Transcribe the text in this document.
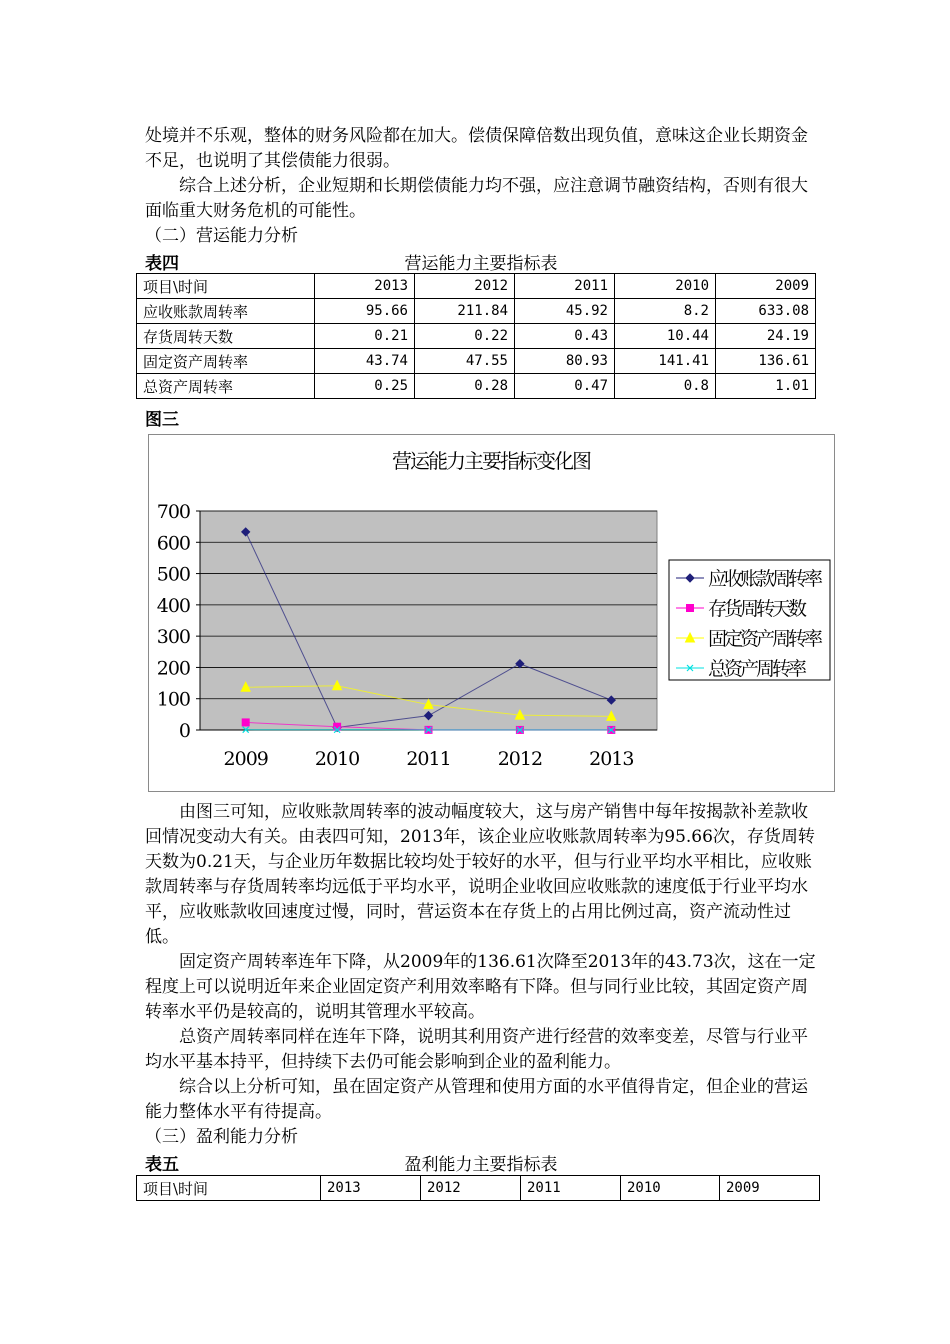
处境并不乐观，整体的财务风险都在加大。偿债保障倍数出现负值，意味这企业长期资金不足，也说明了其偿债能力很弱。

综合上述分析，企业短期和长期偿债能力均不强，应注意调节融资结构，否则有很大面临重大财务危机的可能性。

（二）营运能力分析
表四	营运能力主要指标表
项目\时间	2013	2012	2011	2010	2009
应收账款周转率	95.66	211.84	45.92	8.2	633.08
存货周转天数	0.21	0.22	0.43	10.44	24.19
固定资产周转率	43.74	47.55	80.93	141.41	136.61
总资产周转率	0.25	0.28	0.47	0.8	1.01
图三
营运能力主要指标变化图
0
100
200
300
400
500
600
700
2009 2010 2011 2012 2013
应收账款周转率
存货周转天数
固定资产周转率
总资产周转率

由图三可知，应收账款周转率的波动幅度较大，这与房产销售中每年按揭款补差款收回情况变动大有关。由表四可知，2013年，该企业应收账款周转率为95.66次，存货周转天数为0.21天，与企业历年数据比较均处于较好的水平，但与行业平均水平相比，应收账款周转率与存货周转率均远低于平均水平，说明企业收回应收账款的速度低于行业平均水平，应收账款收回速度过慢，同时，营运资本在存货上的占用比例过高，资产流动性过低。

固定资产周转率连年下降，从2009年的136.61次降至2013年的43.73次，这在一定程度上可以说明近年来企业固定资产利用效率略有下降。但与同行业比较，其固定资产周转率水平仍是较高的，说明其管理水平较高。

总资产周转率同样在连年下降，说明其利用资产进行经营的效率变差，尽管与行业平均水平基本持平，但持续下去仍可能会影响到企业的盈利能力。

综合以上分析可知，虽在固定资产从管理和使用方面的水平值得肯定，但企业的营运能力整体水平有待提高。

（三）盈利能力分析
表五	盈利能力主要指标表
项目\时间	2013	2012	2011	2010	2009
